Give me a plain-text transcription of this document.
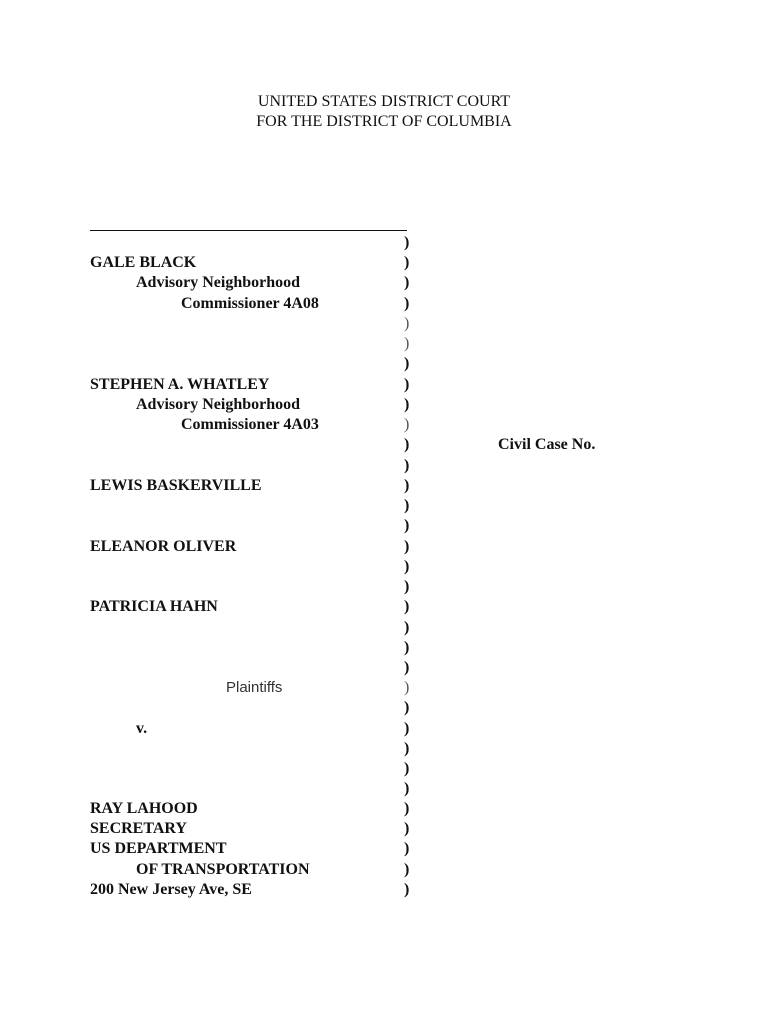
UNITED STATES DISTRICT COURT
FOR THE DISTRICT OF COLUMBIA
)
GALE BLACK	)
Advisory Neighborhood	)
Commissioner 4A08	)
)
)
)
STEPHEN A. WHATLEY	)
Advisory Neighborhood	)
Commissioner 4A03	)
)	Civil Case No.
)
LEWIS BASKERVILLE	)
)
)
ELEANOR OLIVER	)
)
)
PATRICIA HAHN	)
)
)
)
Plaintiffs	)
)
v.	)
)
)
)
RAY LAHOOD	)
SECRETARY	)
US DEPARTMENT	)
OF TRANSPORTATION	)
200 New Jersey Ave, SE	)
